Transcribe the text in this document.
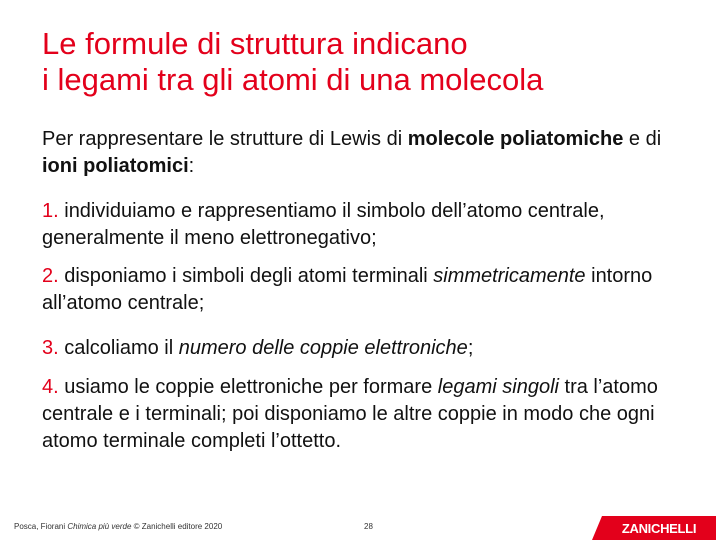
Le formule di struttura indicano
i legami tra gli atomi di una molecola
Per rappresentare le strutture di Lewis di molecole poliatomiche e di ioni poliatomici:
1. individuiamo e rappresentiamo il simbolo dell’atomo centrale, generalmente il meno elettronegativo;
2. disponiamo i simboli degli atomi terminali simmetricamente intorno all’atomo centrale;
3. calcoliamo il numero delle coppie elettroniche;
4. usiamo le coppie elettroniche per formare legami singoli tra l’atomo centrale e i terminali; poi disponiamo le altre coppie in modo che ogni atomo terminale completi l’ottetto.
Posca, Fiorani Chimica più verde © Zanichelli editore 2020	28	ZANICHELLI
